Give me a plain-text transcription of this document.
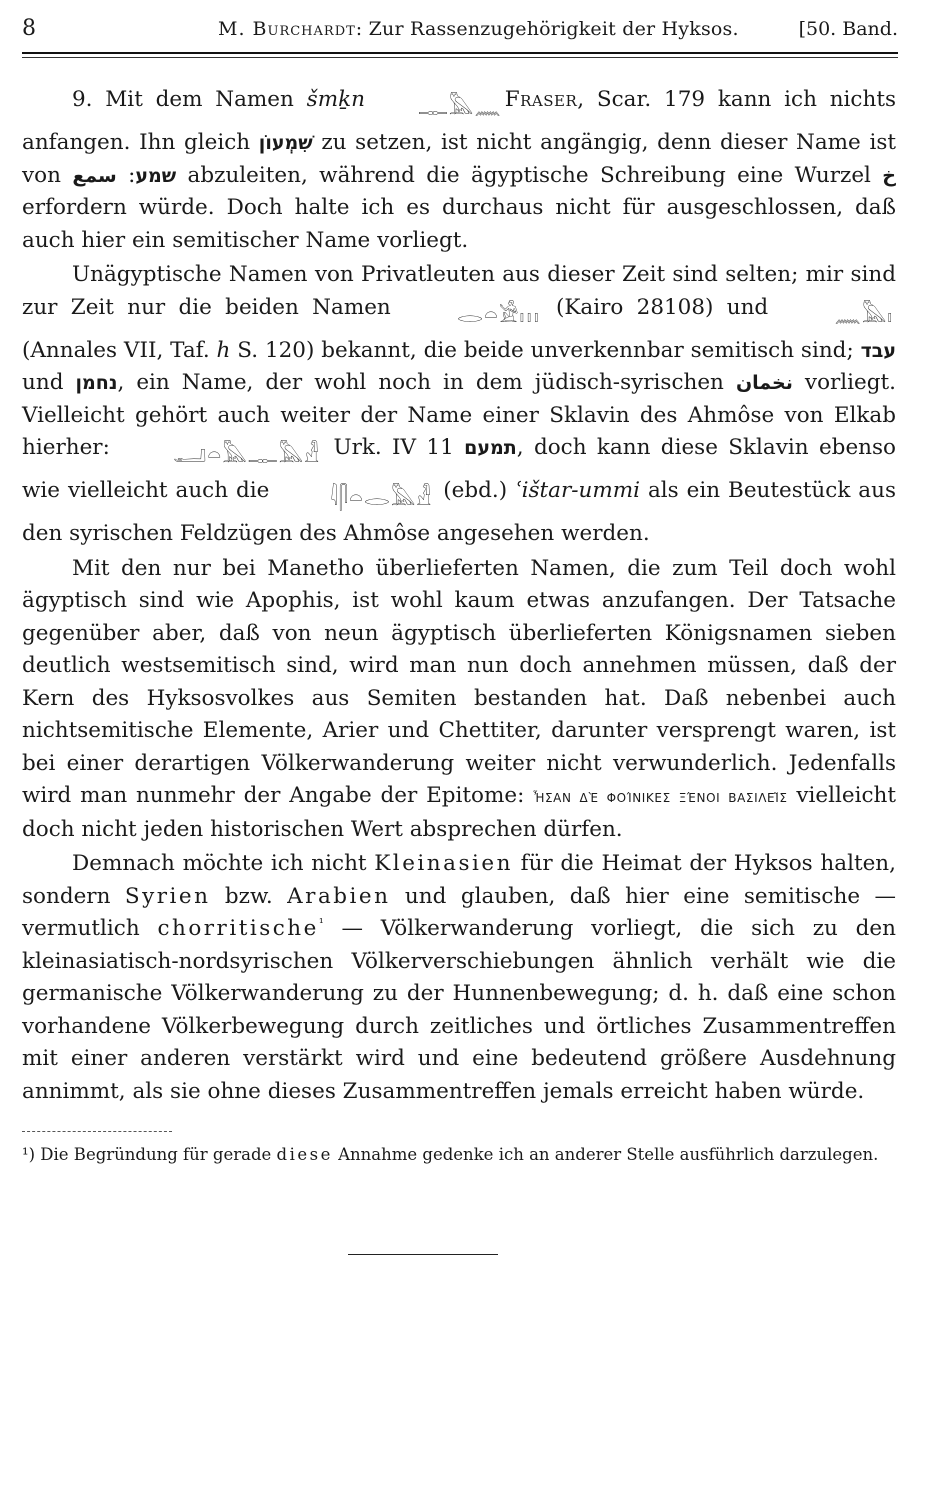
8	M. Burchardt: Zur Rassenzugehörigkeit der Hyksos.	[50. Band.

9. Mit dem Namen šmḵn 𓊃𓅓𓈖 Fraser, Scar. 179 kann ich nichts anfangen. Ihn gleich שִׁמְעוֹן zu setzen, ist nicht angängig, denn dieser Name ist von	שמע: سمع	abzuleiten, während die ägyptische Schreibung eine Wurzel خ erfordern würde. Doch halte ich es durchaus nicht für ausgeschlossen, daß auch hier ein semitischer Name vorliegt.

Unägyptische Namen von Privatleuten aus dieser Zeit sind selten; mir sind zur Zeit nur die beiden Namen 𓂋𓏏𓀀𓏥 (Kairo 28108) und 𓈖𓅓𓏤 (Annales VII, Taf. h S. 120) bekannt, die beide unverkennbar semitisch sind; עבד und נחמן, ein Name, der wohl noch in dem jüdisch-syrischen نخمان vorliegt. Vielleicht gehört auch weiter der Name einer Sklavin des Ahmôse von Elkab hierher: 𓂝𓏏𓅓𓊃𓅓𓁐 Urk. IV 11 תמעם, doch kann diese Sklavin ebenso wie vielleicht auch die 𓇋𓋴𓏏𓂋𓅓𓁐 (ebd.) ʿištar-ummi als ein Beutestück aus den syrischen Feldzügen des Ahmôse angesehen werden.

Mit den nur bei Manetho überlieferten Namen, die zum Teil doch wohl ägyptisch sind wie Apophis, ist wohl kaum etwas anzufangen. Der Tatsache gegenüber aber, daß von neun ägyptisch überlieferten Königsnamen sieben deutlich westsemitisch sind, wird man nun doch annehmen müssen, daß der Kern des Hyksosvolkes aus Semiten bestanden hat. Daß nebenbei auch nichtsemitische Elemente, Arier und Chettiter, darunter versprengt waren, ist bei einer derartigen Völkerwanderung weiter nicht verwunderlich. Jedenfalls wird man nunmehr der Angabe der Epitome: ἦσαν δὲ φοίνικες ξένοι βασιλεῖς vielleicht doch nicht jeden historischen Wert absprechen dürfen.

Demnach möchte ich nicht Kleinasien für die Heimat der Hyksos halten, sondern Syrien bzw. Arabien und glauben, daß hier eine semitische — vermutlich chorritische$^{^1}$ — Völkerwanderung vorliegt, die sich zu den kleinasiatisch-nordsyrischen Völkerverschiebungen ähnlich verhält wie die germanische Völkerwanderung zu der Hunnenbewegung; d. h. daß eine schon vorhandene Völkerbewegung durch zeitliches und örtliches Zusammentreffen mit einer anderen verstärkt wird und eine bedeutend größere Ausdehnung annimmt, als sie ohne dieses Zusammentreffen jemals erreicht haben würde.

¹) Die Begründung für gerade diese Annahme gedenke ich an anderer Stelle ausführlich darzulegen.
